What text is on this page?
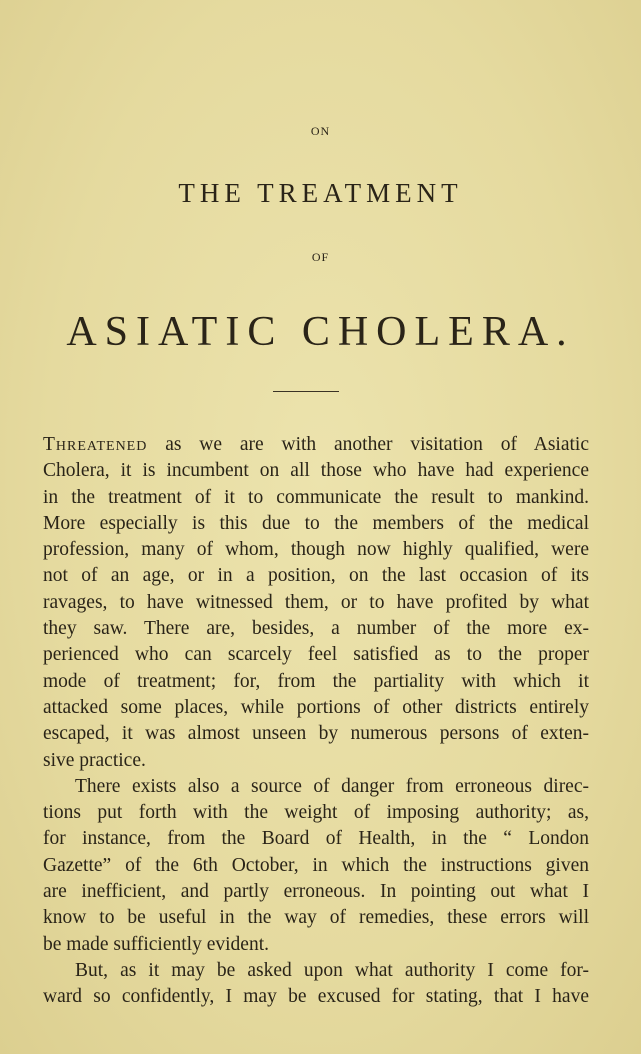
ON
THE TREATMENT
OF
ASIATIC CHOLERA.
Threatened as we are with another visitation of Asiatic
Cholera, it is incumbent on all those who have had experience
in the treatment of it to communicate the result to mankind.
More especially is this due to the members of the medical
profession, many of whom, though now highly qualified, were
not of an age, or in a position, on the last occasion of its
ravages, to have witnessed them, or to have profited by what
they saw. There are, besides, a number of the more ex-
perienced who can scarcely feel satisfied as to the proper
mode of treatment; for, from the partiality with which it
attacked some places, while portions of other districts entirely
escaped, it was almost unseen by numerous persons of exten-
sive practice.
There exists also a source of danger from erroneous direc-
tions put forth with the weight of imposing authority; as,
for instance, from the Board of Health, in the “ London
Gazette” of the 6th October, in which the instructions given
are inefficient, and partly erroneous. In pointing out what I
know to be useful in the way of remedies, these errors will
be made sufficiently evident.
But, as it may be asked upon what authority I come for-
ward so confidently, I may be excused for stating, that I have
